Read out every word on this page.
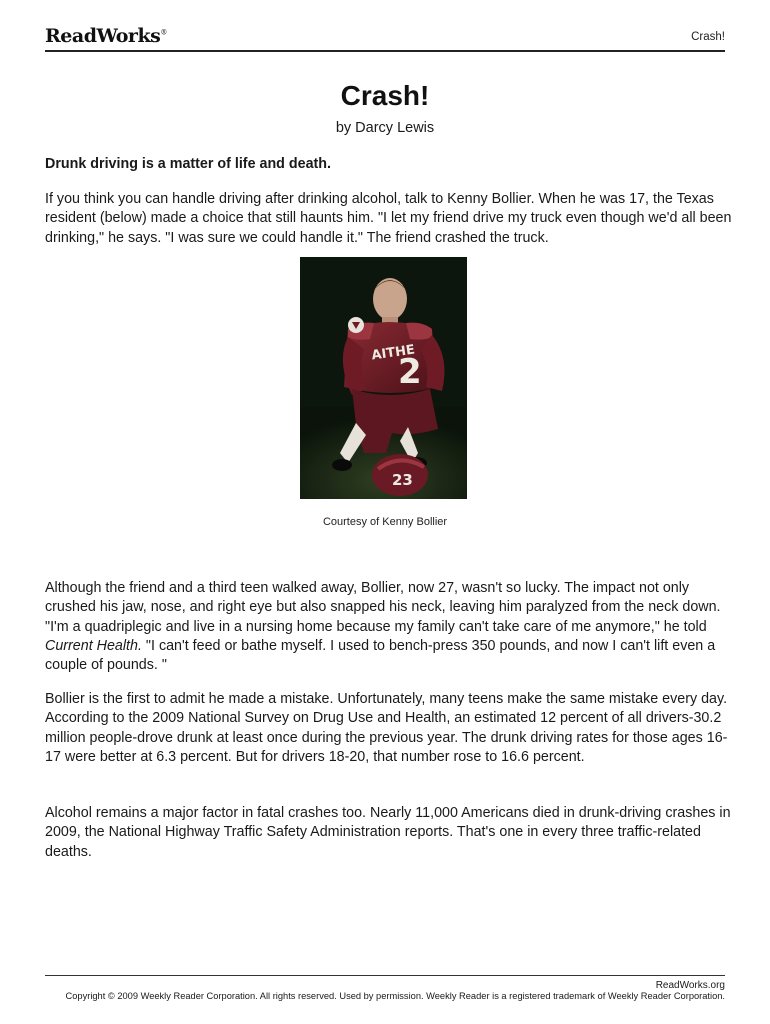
ReadWorks®	Crash!
Crash!

by Darcy Lewis

Drunk driving is a matter of life and death.

If you think you can handle driving after drinking alcohol, talk to Kenny Bollier. When he was 17, the Texas resident (below) made a choice that still haunts him. "I let my friend drive my truck even though we'd all been drinking," he says. "I was sure we could handle it." The friend crashed the truck.

2
AITHE
23

Courtesy of Kenny Bollier

Although the friend and a third teen walked away, Bollier, now 27, wasn't so lucky. The impact not only crushed his jaw, nose, and right eye but also snapped his neck, leaving him paralyzed from the neck down. "I'm a quadriplegic and live in a nursing home because my family can't take care of me anymore," he told Current Health. "I can't feed or bathe myself. I used to bench-press 350 pounds, and now I can't lift even a couple of pounds. "

Bollier is the first to admit he made a mistake. Unfortunately, many teens make the same mistake every day. According to the 2009 National Survey on Drug Use and Health, an estimated 12 percent of all drivers-30.2 million people-drove drunk at least once during the previous year. The drunk driving rates for those ages 16-17 were better at 6.3 percent. But for drivers 18-20, that number rose to 16.6 percent.

Alcohol remains a major factor in fatal crashes too. Nearly 11,000 Americans died in drunk-driving crashes in 2009, the National Highway Traffic Safety Administration reports. That's one in every three traffic-related deaths.

ReadWorks.org

Copyright © 2009 Weekly Reader Corporation. All rights reserved. Used by permission. Weekly Reader is a registered trademark of Weekly Reader Corporation.
